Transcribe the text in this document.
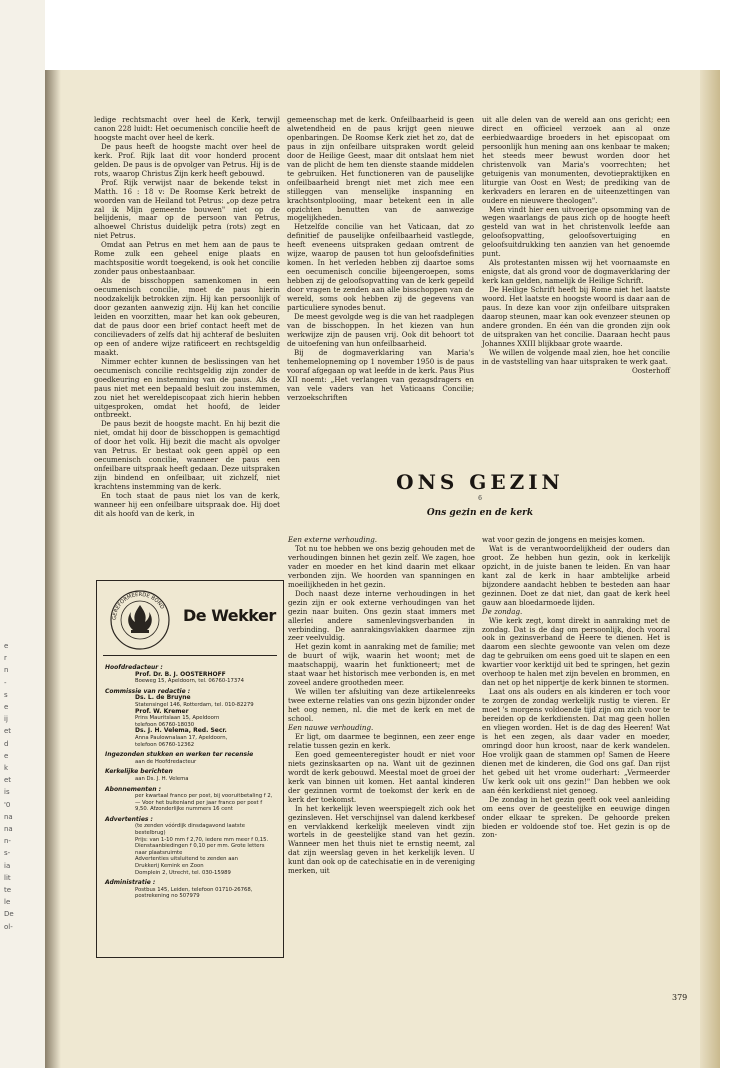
e
r
n
-
s
e
ij
et
d
e
k
et
is
'0
na
na
n-
s-
ia
lit
te
le
De
ol-

ledige rechtsmacht over heel de Kerk, terwijl canon 228 luidt: Het oecumenisch concilie heeft de hoogste macht over heel de kerk.

De paus heeft de hoogste macht over heel de kerk. Prof. Rijk laat dit voor honderd procent gelden. De paus is de opvolger van Petrus. Hij is de rots, waarop Christus Zijn kerk heeft gebouwd.

Prof. Rijk verwijst naar de bekende tekst in Matth. 16 : 18 v: De Roomse Kerk betrekt de woorden van de Heiland tot Petrus: „op deze petra zal ik Mijn gemeente bouwen" niet op de belijdenis, maar op de persoon van Petrus, alhoewel Christus duidelijk petra (rots) zegt en niet Petrus.

Omdat aan Petrus en met hem aan de paus te Rome zulk een geheel enige plaats en machtspositie wordt toegekend, is ook het concilie zonder paus onbestaanbaar.

Als de bisschoppen samenkomen in een oecumenisch concilie, moet de paus hierin noodzakelijk betrokken zijn. Hij kan persoonlijk of door gezanten aanwezig zijn. Hij kan het concilie leiden en voorzitten, maar het kan ook gebeuren, dat de paus door een brief contact heeft met de concilievaders of zelfs dat hij achteraf de besluiten op een of andere wijze ratificeert en rechtsgeldig maakt.

Nimmer echter kunnen de beslissingen van het oecumenisch concilie rechtsgeldig zijn zonder de goedkeuring en instemming van de paus. Als de paus niet met een bepaald besluit zou instemmen, zou niet het wereldepiscopaat zich hierin hebben uitgesproken, omdat het hoofd, de leider ontbreekt.

De paus bezit de hoogste macht. En hij bezit die niet, omdat hij door de bisschoppen is gemachtigd of door het volk. Hij bezit die macht als opvolger van Petrus. Er bestaat ook geen appèl op een oecumenisch concilie, wanneer de paus een onfeilbare uitspraak heeft gedaan. Deze uitspraken zijn bindend en onfeilbaar, uit zichzelf, niet krachtens instemming van de kerk.

En toch staat de paus niet los van de kerk, wanneer hij een onfeilbare uitspraak doe. Hij doet dit als hoofd van de kerk, in

gemeenschap met de kerk. Onfeilbaarheid is geen alwetendheid en de paus krijgt geen nieuwe openbaringen. De Roomse Kerk ziet het zo, dat de paus in zijn onfeilbare uitspraken wordt geleid door de Heilige Geest, maar dit ontslaat hem niet van de plicht de hem ten dienste staande middelen te gebruiken. Het functioneren van de pauselijke onfeilbaarheid brengt niet met zich mee een stilleggen van menselijke inspanning en krachtsontplooiing, maar betekent een in alle opzichten benutten van de aanwezige mogelijkheden.

Hetzelfde concilie van het Vaticaan, dat zo definitief de pauselijke onfeilbaarheid vastlegde, heeft eveneens uitspraken gedaan omtrent de wijze, waarop de pausen tot hun geloofsdefinities komen. In het verleden hebben zij daartoe soms een oecumenisch concilie bijeengeroepen, soms hebben zij de geloofsopvatting van de kerk gepeild door vragen te zenden aan alle bisschoppen van de wereld, soms ook hebben zij de gegevens van particuliere synodes benut.

De meest gevolgde weg is die van het raadplegen van de bisschoppen. In het kiezen van hun werkwijze zijn de pausen vrij. Ook dit behoort tot de uitoefening van hun onfeilbaarheid.

Bij de dogmaverklaring van Maria's tenhemelopneming op 1 november 1950 is de paus vooraf afgegaan op wat leefde in de kerk. Paus Pius XII noemt: „Het verlangen van gezagsdragers en van vele vaders van het Vaticaans Concilie; verzoekschriften

uit alle delen van de wereld aan ons gericht; een direct en officieel verzoek aan al onze eerbiedwaardige broeders in het episcopaat om persoonlijk hun mening aan ons kenbaar te maken; het steeds meer bewust worden door het christenvolk van Maria's voorrechten; het getuigenis van monumenten, devotiepraktijken en liturgie van Oost en West; de prediking van de kerkvaders en leraren en de uiteenzettingen van oudere en nieuwere theologen".

Men vindt hier een uitvoerige opsomming van de wegen waarlangs de paus zich op de hoogte heeft gesteld van wat in het christenvolk leefde aan geloofsopvatting, geloofsovertuiging en geloofsuitdrukking ten aanzien van het genoemde punt.

Als protestanten missen wij het voornaamste en enigste, dat als grond voor de dogmaverklaring der kerk kan gelden, namelijk de Heilige Schrift.

De Heilige Schrift heeft bij Rome niet het laatste woord. Het laatste en hoogste woord is daar aan de paus. In deze kan voor zijn onfeilbare uitspraken daarop steunen, maar kan ook evenzeer steunen op andere gronden. En één van die gronden zijn ook de uitspraken van het concilie. Daaraan hecht paus Johannes XXIII blijkbaar grote waarde.

We willen de volgende maal zien, hoe het concilie in de vaststelling van haar uitspraken te werk gaat.

Oosterhoff

ONS GEZIN
6
Ons gezin en de kerk

Een externe verhouding.

Tot nu toe hebben we ons bezig gehouden met de verhoudingen binnen het gezin zelf. We zagen, hoe vader en moeder en het kind daarin met elkaar verbonden zijn. We hoorden van spanningen en moeilijkheden in het gezin.

Doch naast deze interne verhoudingen in het gezin zijn er ook externe verhoudingen van het gezin naar buiten. Ons gezin staat immers met allerlei andere samenlevingsverbanden in verbinding. De aanrakingsvlakken daarmee zijn zeer veelvuldig.

Het gezin komt in aanraking met de familie; met de buurt of wijk, waarin het woont; met de maatschappij, waarin het funktioneert; met de staat waar het historisch mee verbonden is, en met zoveel andere grootheden meer.

We willen ter afsluiting van deze artikelenreeks twee externe relaties van ons gezin bijzonder onder het oog nemen, nl. die met de kerk en met de school.

Een nauwe verhouding.

Er ligt, om daarmee te beginnen, een zeer enge relatie tussen gezin en kerk.

Een goed gemeenteregister houdt er niet voor niets gezinskaarten op na. Want uit de gezinnen wordt de kerk gebouwd. Meestal moet de groei der kerk van binnen uit komen. Het aantal kinderen der gezinnen vormt de toekomst der kerk en de kerk der toekomst.

In het kerkelijk leven weerspiegelt zich ook het gezinsleven. Het verschijnsel van dalend kerkbesef en vervlakkend kerkelijk meeleven vindt zijn wortels in de geestelijke stand van het gezin. Wanneer men het thuis niet te ernstig neemt, zal dat zijn weerslag geven in het kerkelijk leven. U kunt dan ook op de catechisatie en in de vereniging merken, uit

wat voor gezin de jongens en meisjes komen.

Wat is de verantwoordelijkheid der ouders dan groot. Ze hebben hun gezin, ook in kerkelijk opzicht, in de juiste banen te leiden. En van haar kant zal de kerk in haar ambtelijke arbeid bijzondere aandacht hebben te besteden aan haar gezinnen. Doet ze dat niet, dan gaat de kerk heel gauw aan bloedarmoede lijden.

De zondag.

Wie kerk zegt, komt direkt in aanraking met de zondag. Dat is de dag om persoonlijk, doch vooral ook in gezinsverband de Heere te dienen. Het is daarom een slechte gewoonte van velen om deze dag te gebruiken om eens goed uit te slapen en een kwartier voor kerktijd uit bed te springen, het gezin overhoop te halen met zijn bevelen en brommen, en dan net op het nippertje de kerk binnen te stormen.

Laat ons als ouders en als kinderen er toch voor te zorgen de zondag werkelijk rustig te vieren. Er moet 's morgens voldoende tijd zijn om zich voor te bereiden op de kerkdiensten. Dat mag geen hollen en vliegen worden. Het is de dag des Heeren! Wat is het een zegen, als daar vader en moeder, omringd door hun kroost, naar de kerk wandelen. Hoe vrolijk gaan de stammen op! Samen de Heere dienen met de kinderen, die God ons gaf. Dan rijst het gebed uit het vrome ouderhart: „Vermeerder Uw kerk ook uit ons gezin!" Dan hebben we ook aan één kerkdienst niet genoeg.

De zondag in het gezin geeft ook veel aanleiding om eens over de geestelijke en eeuwige dingen onder elkaar te spreken. De gehoorde preken bieden er voldoende stof toe. Het gezin is op de zon-

GEREFORMEERDE BOND De Wekker
Hoofdredacteur :
Prof. Dr. B. J. OOSTERHOFF
Boeweg 15, Apeldoorn, tel. 06760-17374
Commissie van redactie :
Ds. L. de Bruyne
Statensingel 146, Rotterdam, tel. 010-82279
Prof. W. Kremer
Prins Mauritslaan 15, Apeldoorn
telefoon 06760-18030
Ds. J. H. Velema, Red. Secr.
Anna Paulownalaan 17, Apeldoorn,
telefoon 06760-12362
Ingezonden stukken en werken ter recensie
aan de Hoofdredacteur
Kerkelijke berichten
aan Ds. J. H. Velema
Abonnementen :
per kwartaal franco per post, bij vooruitbetaling f 2,— Voor het buitenland per jaar franco per post f 9,50. Afzonderlijke nummers 16 cent
Advertenties :
(te zenden vóórdijk dinsdagavond laatste bestelbrug)
Prijs: van 1-10 mm f 2,70, iedere mm meer f 0,15. Dienstaanbiedingen f 0,10 per mm. Grote letters naar plaatsruimte
Advertenties uitsluitend te zenden aan
Drukkerij Kemink en Zoon
Domplein 2, Utrecht, tel. 030-15989
Administratie :
Postbus 145, Leiden, telefoon 01710-26768, postrekening no 507979
379
